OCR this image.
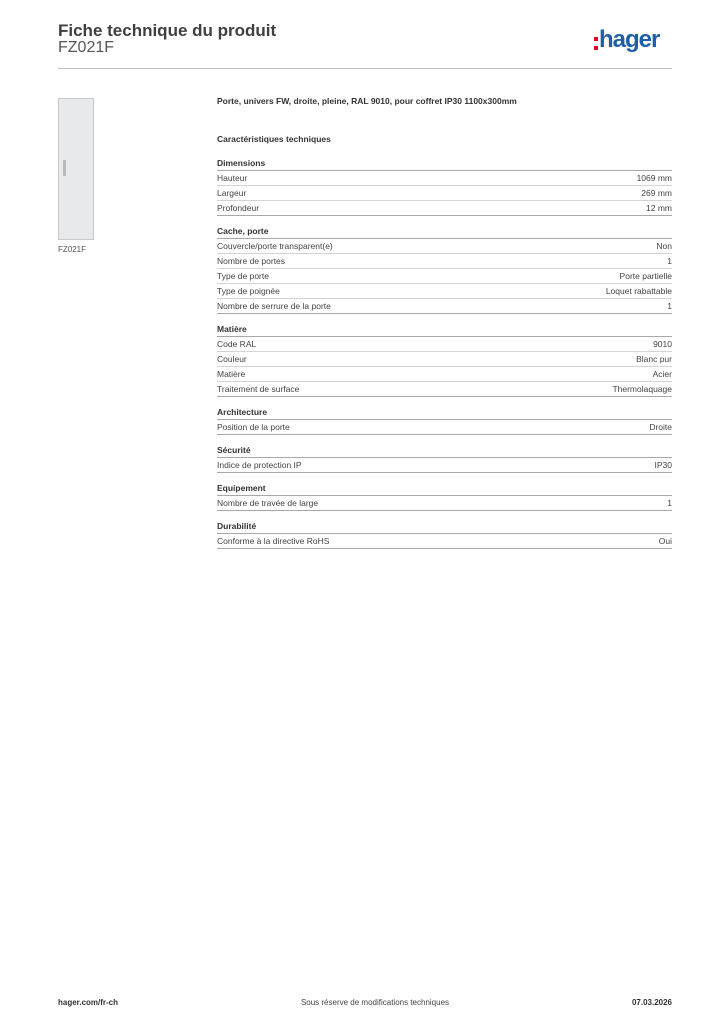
Fiche technique du produit
FZ021F	hager
FZ021F
Porte, univers FW, droite, pleine, RAL 9010, pour coffret IP30 1100x300mm
Caractéristiques techniques
Dimensions
Hauteur	1069 mm
Largeur	269 mm
Profondeur	12 mm
Cache, porte
Couvercle/porte transparent(e)	Non
Nombre de portes	1
Type de porte	Porte partielle
Type de poignée	Loquet rabattable
Nombre de serrure de la porte	1
Matière
Code RAL	9010
Couleur	Blanc pur
Matière	Acier
Traitement de surface	Thermolaquage
Architecture
Position de la porte	Droite
Sécurité
Indice de protection IP	IP30
Equipement
Nombre de travée de large	1
Durabilité
Conforme à la directive RoHS	Oui
hager.com/fr-ch	Sous réserve de modifications techniques	07.03.2026
